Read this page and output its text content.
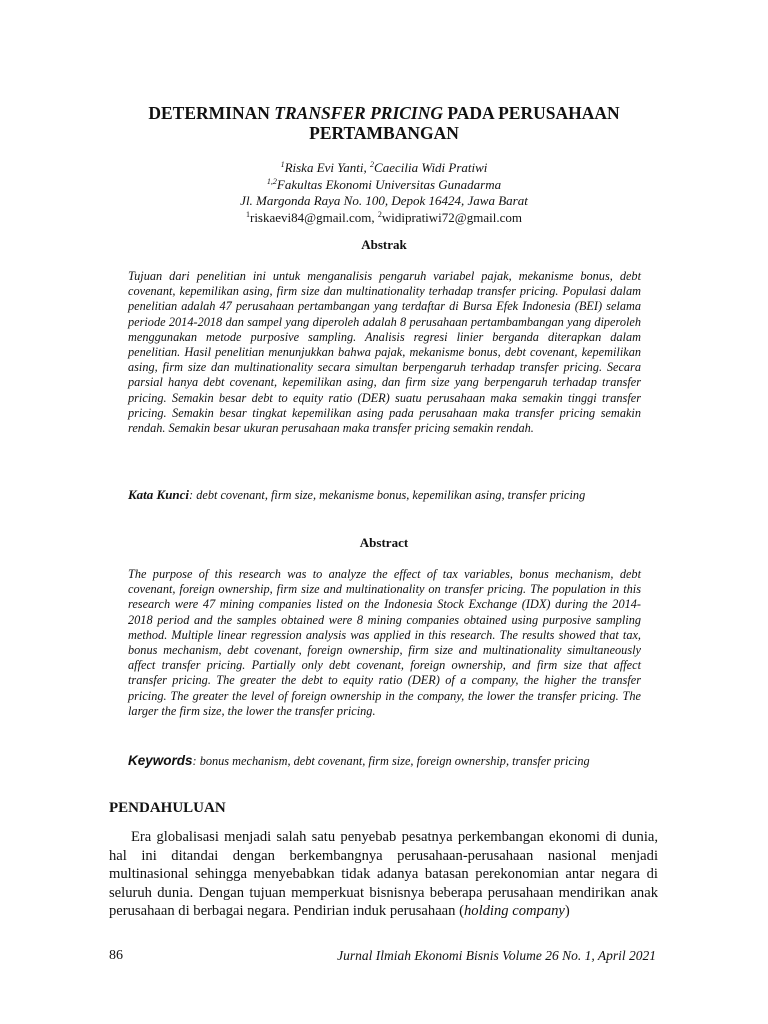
DETERMINAN TRANSFER PRICING PADA PERUSAHAAN
PERTAMBANGAN
$^1$Riska Evi Yanti, $^2$Caecilia Widi Pratiwi
$^{1,2}$Fakultas Ekonomi Universitas Gunadarma
Jl. Margonda Raya No. 100, Depok 16424, Jawa Barat
$^1$riskaevi84@gmail.com, $^2$widipratiwi72@gmail.com
Abstrak

Tujuan dari penelitian ini untuk menganalisis pengaruh variabel pajak, mekanisme bonus, debt covenant, kepemilikan asing, firm size dan multinationality terhadap transfer pricing. Populasi dalam penelitian adalah 47 perusahaan pertambangan yang terdaftar di Bursa Efek Indonesia (BEI) selama periode 2014-2018 dan sampel yang diperoleh adalah 8 perusahaan pertambambangan yang diperoleh menggunakan metode purposive sampling. Analisis regresi linier berganda diterapkan dalam penelitian. Hasil penelitian menunjukkan bahwa pajak, mekanisme bonus, debt covenant, kepemilikan asing, firm size dan multinationality secara simultan berpengaruh terhadap transfer pricing. Secara parsial hanya debt covenant, kepemilikan asing, dan firm size yang berpengaruh terhadap transfer pricing. Semakin besar debt to equity ratio (DER) suatu perusahaan maka semakin tinggi transfer pricing. Semakin besar tingkat kepemilikan asing pada perusahaan maka transfer pricing semakin rendah. Semakin besar ukuran perusahaan maka transfer pricing semakin rendah.

Kata Kunci: debt covenant, firm size, mekanisme bonus, kepemilikan asing, transfer pricing

Abstract

The purpose of this research was to analyze the effect of tax variables, bonus mechanism, debt covenant, foreign ownership, firm size and multinationality on transfer pricing. The population in this research were 47 mining companies listed on the Indonesia Stock Exchange (IDX) during the 2014-2018 period and the samples obtained were 8 mining companies obtained using purposive sampling method. Multiple linear regression analysis was applied in this research. The results showed that tax, bonus mechanism, debt covenant, foreign ownership, firm size and multinationality simultaneously affect transfer pricing. Partially only debt covenant, foreign ownership, and firm size that affect transfer pricing. The greater the debt to equity ratio (DER) of a company, the higher the transfer pricing. The greater the level of foreign ownership in the company, the lower the transfer pricing. The larger the firm size, the lower the transfer pricing.

Keywords: bonus mechanism, debt covenant, firm size, foreign ownership, transfer pricing

PENDAHULUAN

Era globalisasi menjadi salah satu penyebab pesatnya perkembangan ekonomi di dunia, hal ini ditandai dengan berkembangnya perusahaan-perusahaan nasional menjadi multinasional sehingga menyebabkan tidak adanya batasan perekonomian antar negara di seluruh dunia. Dengan tujuan memperkuat bisnisnya beberapa perusahaan mendirikan anak perusahaan di berbagai negara. Pendirian induk perusahaan (holding company)

86	Jurnal Ilmiah Ekonomi Bisnis Volume 26 No. 1, April 2021
